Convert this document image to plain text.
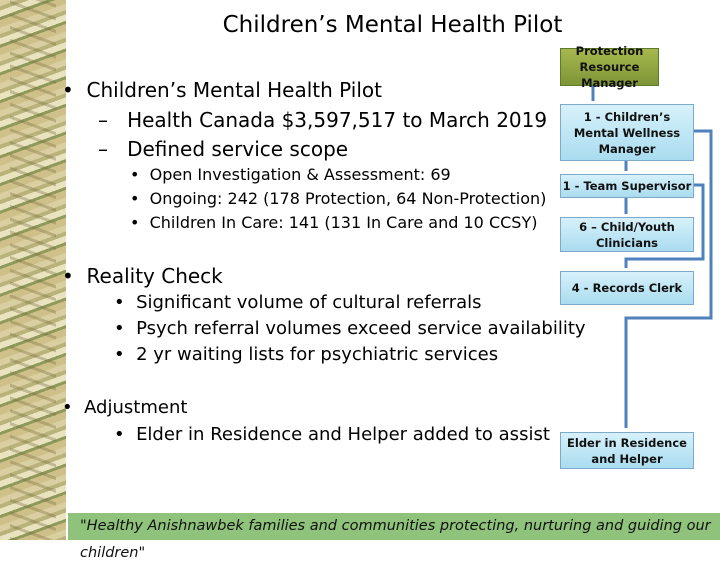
Children’s Mental Health Pilot
•  Children’s Mental Health Pilot
–   Health Canada $3,597,517 to March 2019
–   Defined service scope
•  Open Investigation & Assessment: 69
•  Ongoing: 242 (178 Protection, 64 Non-Protection)
•  Children In Care: 141 (131 In Care and 10 CCSY)
•  Reality Check
•  Significant volume of cultural referrals
•  Psych referral volumes exceed service availability
•  2 yr waiting lists for psychiatric services
•  Adjustment
•  Elder in Residence and Helper added to assist
Protection Resource Manager
1 - Children’s Mental Wellness Manager
1 - Team Supervisor
6 – Child/Youth Clinicians
4 - Records Clerk
Elder in Residence and Helper
"Healthy Anishnawbek families and communities protecting, nurturing and guiding our children"
